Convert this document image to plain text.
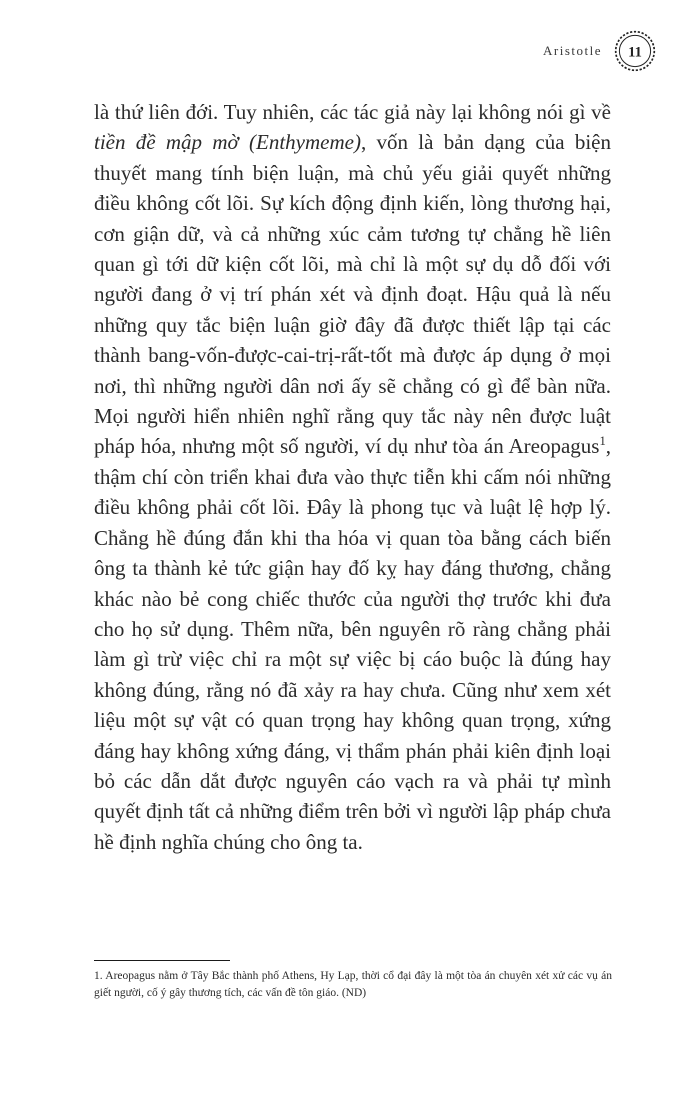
Aristotle 11

là thứ liên đới. Tuy nhiên, các tác giả này lại không nói gì về tiền đề mập mờ (Enthymeme), vốn là bản dạng của biện thuyết mang tính biện luận, mà chủ yếu giải quyết những điều không cốt lõi. Sự kích động định kiến, lòng thương hại, cơn giận dữ, và cả những xúc cảm tương tự chẳng hề liên quan gì tới dữ kiện cốt lõi, mà chỉ là một sự dụ dỗ đối với người đang ở vị trí phán xét và định đoạt. Hậu quả là nếu những quy tắc biện luận giờ đây đã được thiết lập tại các thành bang-vốn-được-cai-trị-rất-tốt mà được áp dụng ở mọi nơi, thì những người dân nơi ấy sẽ chẳng có gì để bàn nữa. Mọi người hiển nhiên nghĩ rằng quy tắc này nên được luật pháp hóa, nhưng một số người, ví dụ như tòa án Areopagus$^1$, thậm chí còn triển khai đưa vào thực tiễn khi cấm nói những điều không phải cốt lõi. Đây là phong tục và luật lệ hợp lý. Chẳng hề đúng đắn khi tha hóa vị quan tòa bằng cách biến ông ta thành kẻ tức giận hay đố kỵ hay đáng thương, chẳng khác nào bẻ cong chiếc thước của người thợ trước khi đưa cho họ sử dụng. Thêm nữa, bên nguyên rõ ràng chẳng phải làm gì trừ việc chỉ ra một sự việc bị cáo buộc là đúng hay không đúng, rằng nó đã xảy ra hay chưa. Cũng như xem xét liệu một sự vật có quan trọng hay không quan trọng, xứng đáng hay không xứng đáng, vị thẩm phán phải kiên định loại bỏ các dẫn dắt được nguyên cáo vạch ra và phải tự mình quyết định tất cả những điểm trên bởi vì người lập pháp chưa hề định nghĩa chúng cho ông ta.

1. Areopagus nằm ở Tây Bắc thành phố Athens, Hy Lạp, thời cổ đại đây là một tòa án chuyên xét xử các vụ án giết người, cố ý gây thương tích, các vấn đề tôn giáo. (ND)
